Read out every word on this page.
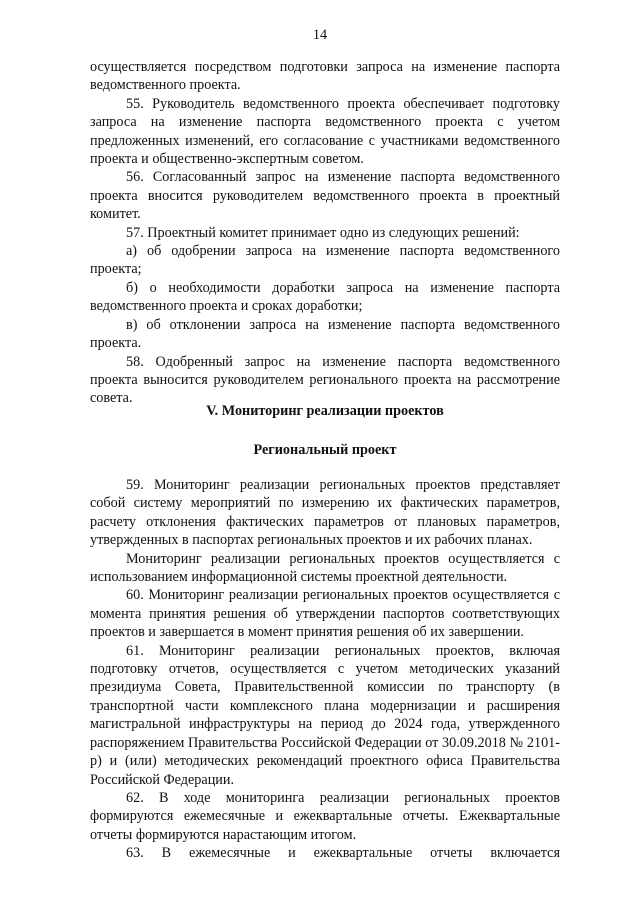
14

осуществляется посредством подготовки запроса на изменение паспорта ведомственного проекта.

55. Руководитель ведомственного проекта обеспечивает подготовку запроса на изменение паспорта ведомственного проекта с учетом предложенных изменений, его согласование с участниками ведомственного проекта и общественно-экспертным советом.

56. Согласованный запрос на изменение паспорта ведомственного проекта вносится руководителем ведомственного проекта в проектный комитет.

57. Проектный комитет принимает одно из следующих решений:

а) об одобрении запроса на изменение паспорта ведомственного проекта;

б) о необходимости доработки запроса на изменение паспорта ведомственного проекта и сроках доработки;

в) об отклонении запроса на изменение паспорта ведомственного проекта.

58. Одобренный запрос на изменение паспорта ведомственного проекта выносится руководителем регионального проекта на рассмотрение совета.

V. Мониторинг реализации проектов
Региональный проект

59. Мониторинг реализации региональных проектов представляет собой систему мероприятий по измерению их фактических параметров, расчету отклонения фактических параметров от плановых параметров, утвержденных в паспортах региональных проектов и их рабочих планах.

Мониторинг реализации региональных проектов осуществляется с использованием информационной системы проектной деятельности.

60. Мониторинг реализации региональных проектов осуществляется с момента принятия решения об утверждении паспортов соответствующих проектов и завершается в момент принятия решения об их завершении.

61. Мониторинг реализации региональных проектов, включая подготовку отчетов, осуществляется с учетом методических указаний президиума Совета, Правительственной комиссии по транспорту (в транспортной части комплексного плана модернизации и расширения магистральной инфраструктуры на период до 2024 года, утвержденного распоряжением Правительства Российской Федерации от 30.09.2018 № 2101-р) и (или) методических рекомендаций проектного офиса Правительства Российской Федерации.

62. В ходе мониторинга реализации региональных проектов формируются ежемесячные и ежеквартальные отчеты. Ежеквартальные отчеты формируются нарастающим итогом.

63. В ежемесячные и ежеквартальные отчеты включается
